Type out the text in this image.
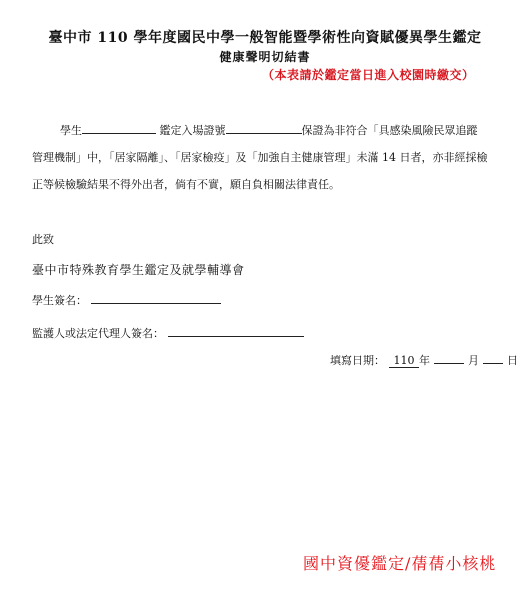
臺中市 110 學年度國民中學一般智能暨學術性向資賦優異學生鑑定
健康聲明切結書
（本表請於鑑定當日進入校園時繳交）
學生	鑑定入場證號	保證為非符合「具感染風險民眾追蹤
管理機制」中，「居家隔離」、「居家檢疫」及「加強自主健康管理」未滿 14 日者，亦非經採檢
正等候檢驗結果不得外出者，倘有不實，願自負相關法律責任。
此致
臺中市特殊教育學生鑑定及就學輔導會
學生簽名：
監護人或法定代理人簽名：
填寫日期： 110 年	月	日
國中資優鑑定/蒨蒨小核桃
